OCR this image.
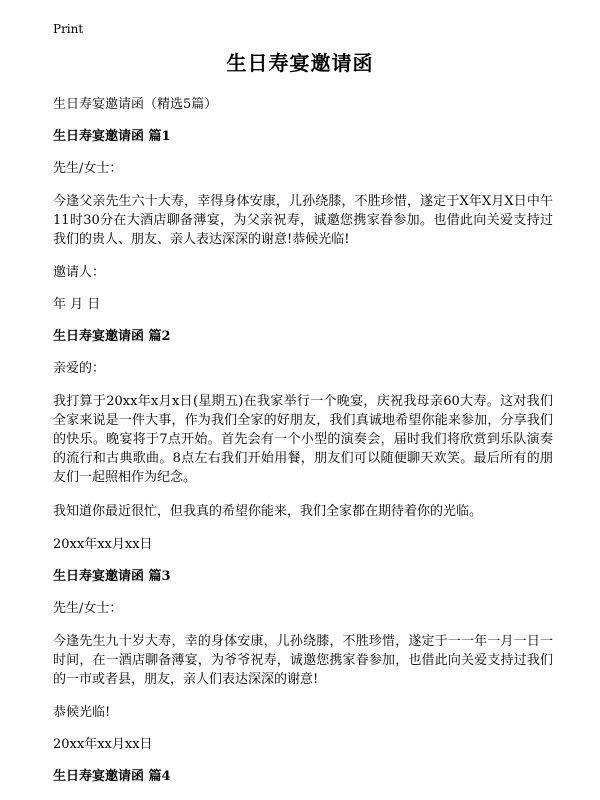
Print
生日寿宴邀请函

生日寿宴邀请函（精选5篇）

生日寿宴邀请函 篇1

先生/女士：

今逢父亲先生六十大寿，幸得身体安康，儿孙绕膝，不胜珍惜，遂定于X年X月X日中午11时30分在大酒店聊备薄宴，为父亲祝寿，诚邀您携家眷参加。也借此向关爱支持过我们的贵人、朋友、亲人表达深深的谢意!恭候光临!

邀请人：

年 月 日

生日寿宴邀请函 篇2

亲爱的：

我打算于20xx年x月x日(星期五)在我家举行一个晚宴，庆祝我母亲60大寿。这对我们全家来说是一件大事，作为我们全家的好朋友，我们真诚地希望你能来参加，分享我们的快乐。晚宴将于7点开始。首先会有一个小型的演奏会，届时我们将欣赏到乐队演奏的流行和古典歌曲。8点左右我们开始用餐，朋友们可以随便聊天欢笑。最后所有的朋友们一起照相作为纪念。

我知道你最近很忙，但我真的希望你能来，我们全家都在期待着你的光临。

20xx年xx月xx日

生日寿宴邀请函 篇3

先生/女士：

今逢先生九十岁大寿，幸的身体安康，儿孙绕膝，不胜珍惜，遂定于一一年一月一日一时间，在一酒店聊备薄宴，为爷爷祝寿，诚邀您携家眷参加，也借此向关爱支持过我们的一市或者县，朋友，亲人们表达深深的谢意!

恭候光临!

20xx年xx月xx日

生日寿宴邀请函 篇4
